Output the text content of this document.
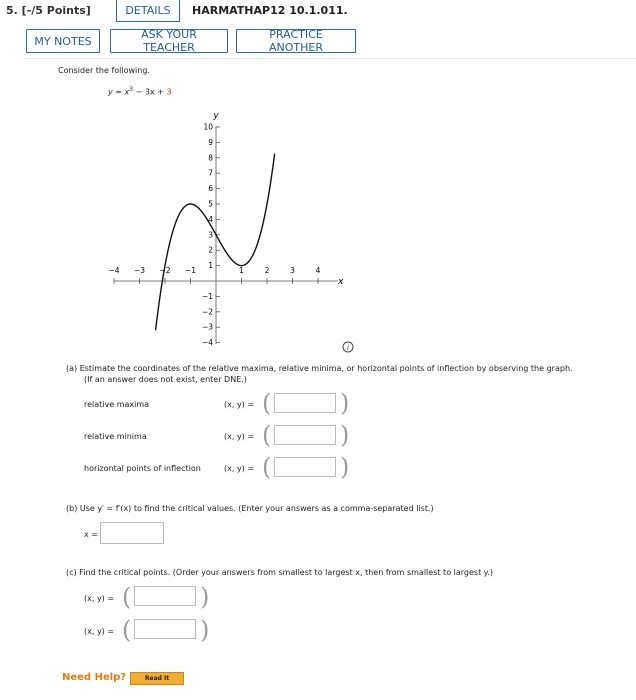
5. [-/5 Points]	DETAILS	HARMATHAP12 10.1.011.
MY NOTES	ASK YOUR TEACHER
PRACTICE ANOTHER
Consider the following.
$y = x^3 - 3x + 3$
−4 −3 −2 −1	1	2	3	4
10
9
8
7
6
5
4
3
2
1
−1
−2
−3
−4
x
y
i
(a) Estimate the coordinates of the relative maxima, relative minima, or horizontal points of inflection by observing the graph.
(If an answer does not exist, enter DNE.)
relative maxima	(x, y) = (	)
relative minima	(x, y) = (	)
horizontal points of inflection	(x, y) = (	)
(b) Use y′ = f′(x) to find the critical values. (Enter your answers as a comma-separated list.)
x =
(c) Find the critical points. (Order your answers from smallest to largest x, then from smallest to largest y.)
(x, y) = (	)
(x, y) = (	)
Need Help?	Read It
